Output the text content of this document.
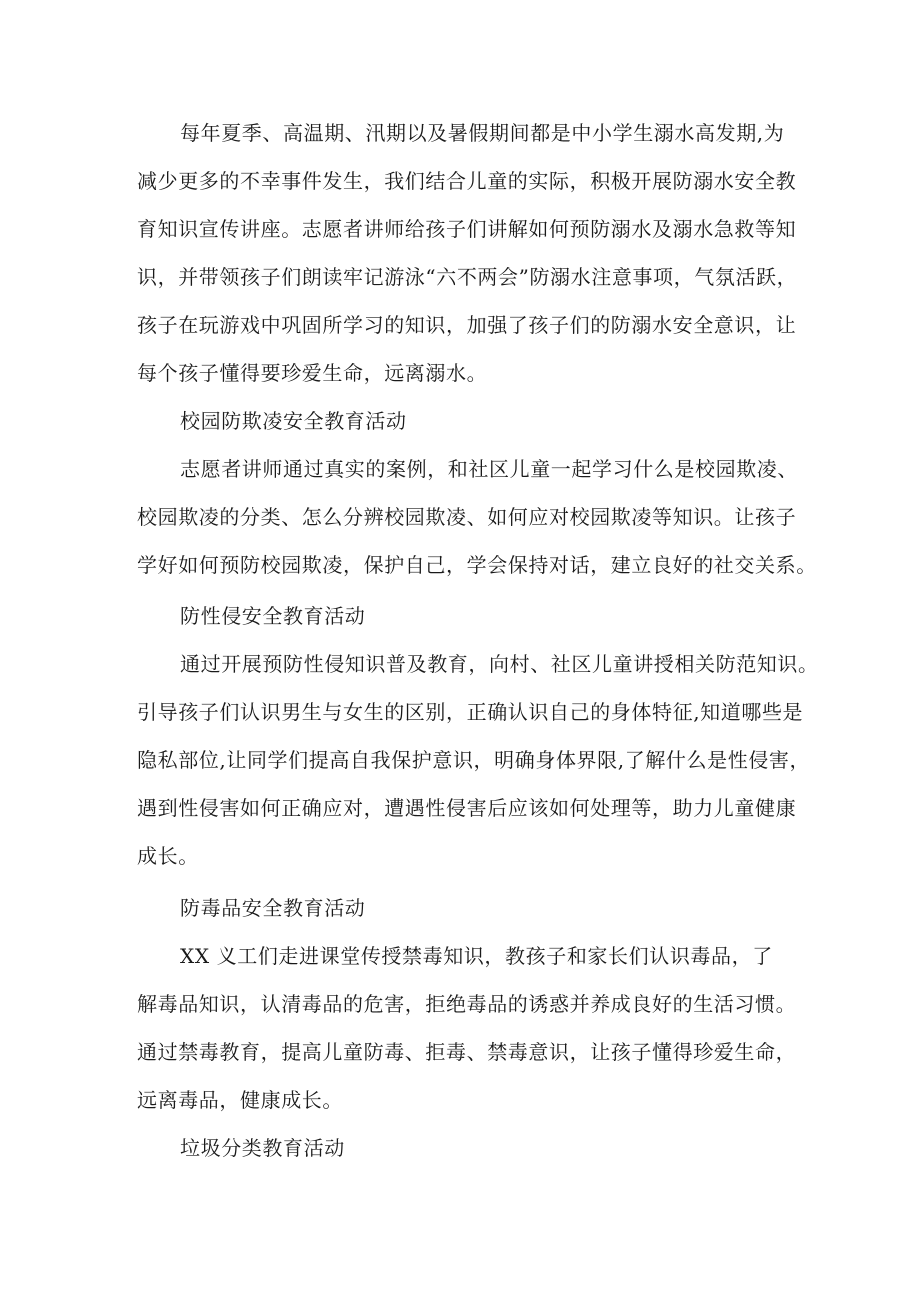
每年夏季、高温期、汛期以及暑假期间都是中小学生溺水高发期,为
减少更多的不幸事件发生，我们结合儿童的实际，积极开展防溺水安全教
育知识宣传讲座。志愿者讲师给孩子们讲解如何预防溺水及溺水急救等知
识，并带领孩子们朗读牢记游泳“六不两会”防溺水注意事项，气氛活跃，
孩子在玩游戏中巩固所学习的知识，加强了孩子们的防溺水安全意识，让
每个孩子懂得要珍爱生命，远离溺水。
校园防欺凌安全教育活动
志愿者讲师通过真实的案例，和社区儿童一起学习什么是校园欺凌、
校园欺凌的分类、怎么分辨校园欺凌、如何应对校园欺凌等知识。让孩子
学好如何预防校园欺凌，保护自己，学会保持对话，建立良好的社交关系。
防性侵安全教育活动
通过开展预防性侵知识普及教育，向村、社区儿童讲授相关防范知识。
引导孩子们认识男生与女生的区别，正确认识自己的身体特征,知道哪些是
隐私部位,让同学们提高自我保护意识，明确身体界限,了解什么是性侵害，
遇到性侵害如何正确应对，遭遇性侵害后应该如何处理等，助力儿童健康
成长。
防毒品安全教育活动
XX 义工们走进课堂传授禁毒知识，教孩子和家长们认识毒品，了
解毒品知识，认清毒品的危害，拒绝毒品的诱惑并养成良好的生活习惯。
通过禁毒教育，提高儿童防毒、拒毒、禁毒意识，让孩子懂得珍爱生命，
远离毒品，健康成长。
垃圾分类教育活动
